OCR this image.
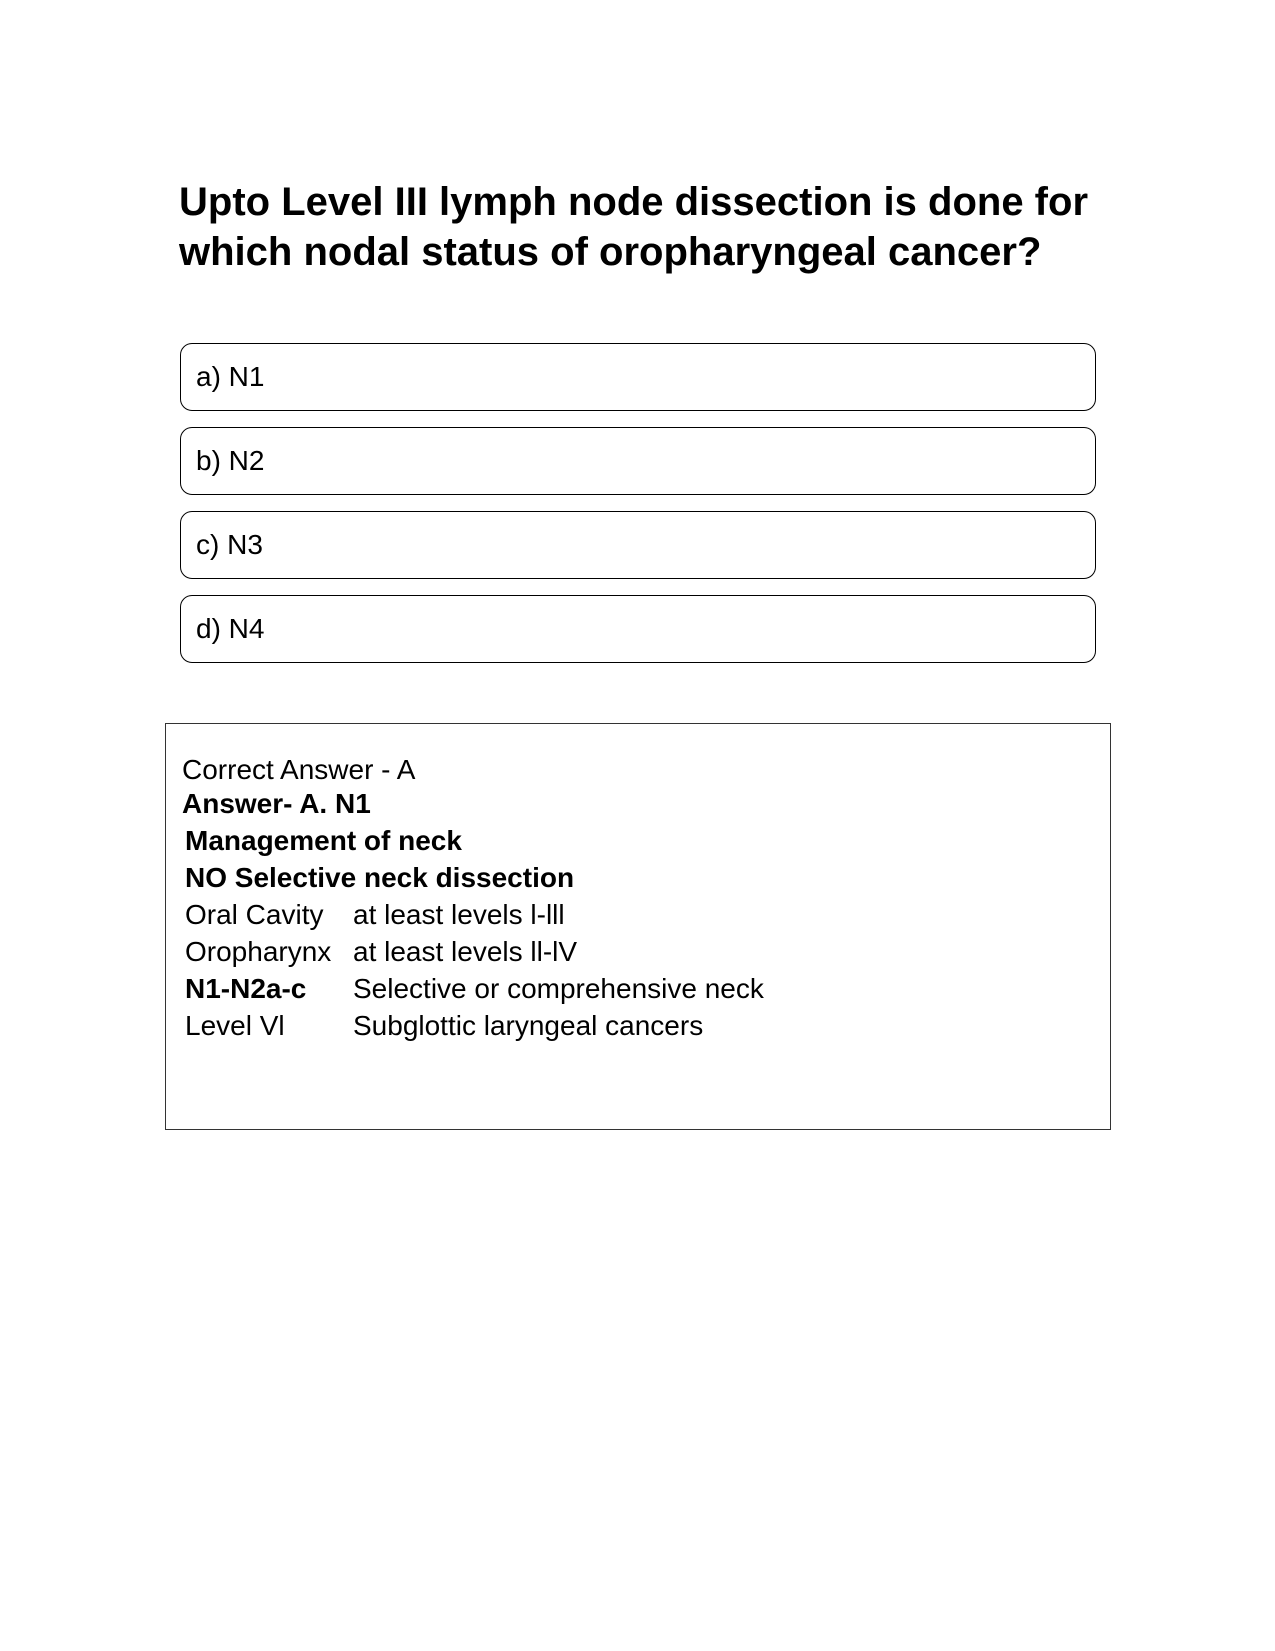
Upto Level III lymph node dissection is done for which nodal status of oropharyngeal cancer?
a) N1
b) N2
c) N3
d) N4
Correct Answer - A
Answer- A. N1
Management of neck
NO Selective neck dissection
Oral Cavity at least levels l-lll
Oropharynx at least levels ll-lV
N1-N2a-c Selective or comprehensive neck
Level Vl Subglottic laryngeal cancers
